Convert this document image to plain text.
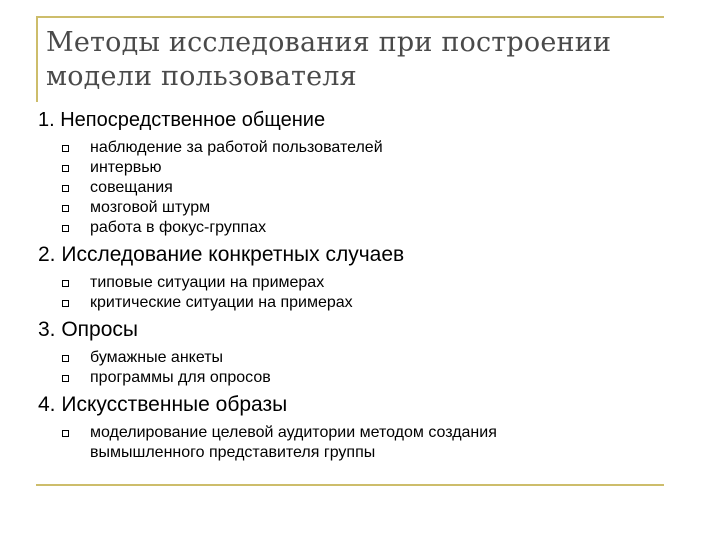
Методы исследования при построении
модели пользователя
1. Непосредственное общение
наблюдение за работой пользователей
интервью
совещания
мозговой штурм
работа в фокус-группах
2. Исследование конкретных случаев
типовые ситуации на примерах
критические ситуации на примерах
3. Опросы
бумажные анкеты
программы для опросов
4. Искусственные образы
моделирование целевой аудитории методом создания
вымышленного представителя группы
